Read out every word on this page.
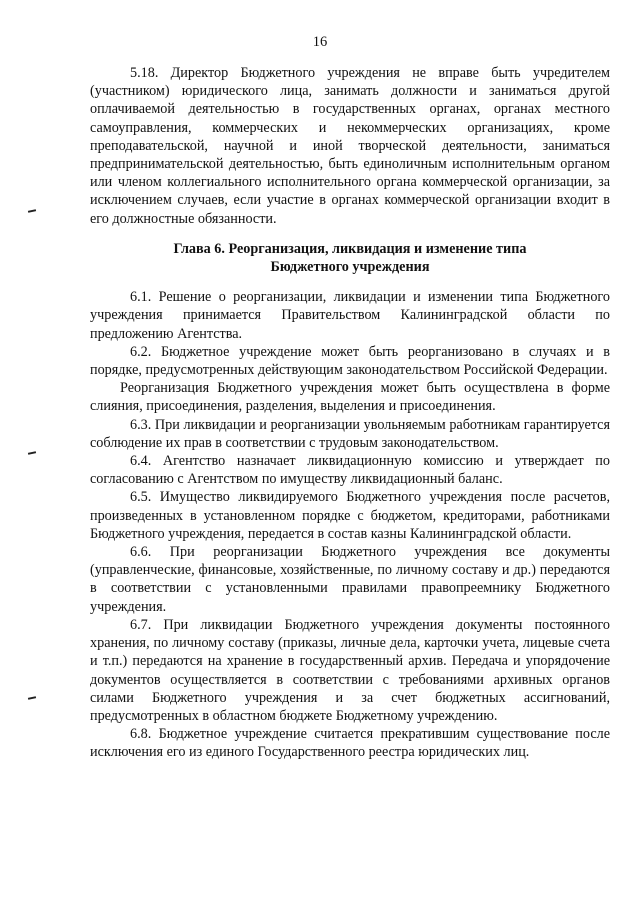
16

5.18. Директор Бюджетного учреждения не вправе быть учредителем (участником) юридического лица, занимать должности и заниматься другой оплачиваемой деятельностью в государственных органах, органах местного самоуправления, коммерческих и некоммерческих организациях, кроме преподавательской, научной и иной творческой деятельности, заниматься предпринимательской деятельностью, быть единоличным исполнительным органом или членом коллегиального исполнительного органа коммерческой организации, за исключением случаев, если участие в органах коммерческой организации входит в его должностные обязанности.

Глава 6. Реорганизация, ликвидация и изменение типа
Бюджетного учреждения

6.1. Решение о реорганизации, ликвидации и изменении типа Бюджетного учреждения принимается Правительством Калининградской области по предложению Агентства.

6.2. Бюджетное учреждение может быть реорганизовано в случаях и в порядке, предусмотренных действующим законодательством Российской Федерации.

Реорганизация Бюджетного учреждения может быть осуществлена в форме слияния, присоединения, разделения, выделения и присоединения.

6.3. При ликвидации и реорганизации увольняемым работникам гарантируется соблюдение их прав в соответствии с трудовым законодательством.

6.4. Агентство назначает ликвидационную комиссию и утверждает по согласованию с Агентством по имуществу ликвидационный баланс.

6.5. Имущество ликвидируемого Бюджетного учреждения после расчетов, произведенных в установленном порядке с бюджетом, кредиторами, работниками Бюджетного учреждения, передается в состав казны Калининградской области.

6.6. При реорганизации Бюджетного учреждения все документы (управленческие, финансовые, хозяйственные, по личному составу и др.) передаются в соответствии с установленными правилами правопреемнику Бюджетного учреждения.

6.7. При ликвидации Бюджетного учреждения документы постоянного хранения, по личному составу (приказы, личные дела, карточки учета, лицевые счета и т.п.) передаются на хранение в государственный архив. Передача и упорядочение документов осуществляется в соответствии с требованиями архивных органов силами Бюджетного учреждения и за счет бюджетных ассигнований, предусмотренных в областном бюджете Бюджетному учреждению.

6.8. Бюджетное учреждение считается прекратившим существование после исключения его из единого Государственного реестра юридических лиц.
